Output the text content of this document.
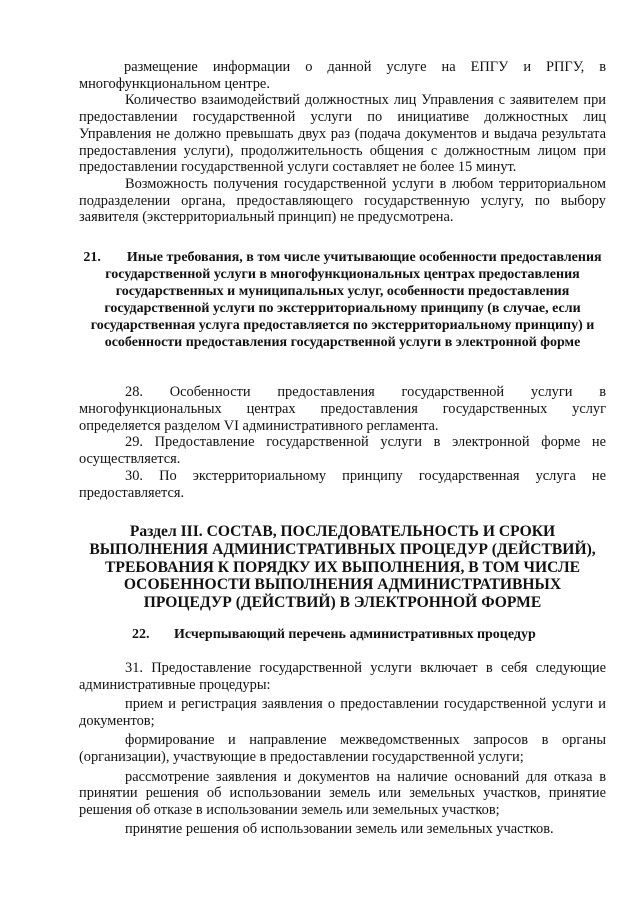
размещение информации о данной услуге на ЕПГУ и РПГУ, в многофункциональном центре.

Количество взаимодействий должностных лиц Управления с заявителем при предоставлении государственной услуги по инициативе должностных лиц Управления не должно превышать двух раз (подача документов и выдача результата предоставления услуги), продолжительность общения с должностным лицом при предоставлении государственной услуги составляет не более 15 минут.

Возможность получения государственной услуги в любом территориальном подразделении органа, предоставляющего государственную услугу, по выбору заявителя (экстерриториальный принцип) не предусмотрена.

21. Иные требования, в том числе учитывающие особенности предоставления государственной услуги в многофункциональных центрах предоставления государственных и муниципальных услуг, особенности предоставления государственной услуги по экстерриториальному принципу (в случае, если государственная услуга предоставляется по экстерриториальному принципу) и особенности предоставления государственной услуги в электронной форме

28. Особенности предоставления государственной услуги в многофункциональных центрах предоставления государственных услуг определяется разделом VI административного регламента.

29. Предоставление государственной услуги в электронной форме не осуществляется.

30. По экстерриториальному принципу государственная услуга не предоставляется.

Раздел III. СОСТАВ, ПОСЛЕДОВАТЕЛЬНОСТЬ И СРОКИ ВЫПОЛНЕНИЯ АДМИНИСТРАТИВНЫХ ПРОЦЕДУР (ДЕЙСТВИЙ), ТРЕБОВАНИЯ К ПОРЯДКУ ИХ ВЫПОЛНЕНИЯ, В ТОМ ЧИСЛЕ ОСОБЕННОСТИ ВЫПОЛНЕНИЯ АДМИНИСТРАТИВНЫХ ПРОЦЕДУР (ДЕЙСТВИЙ) В ЭЛЕКТРОННОЙ ФОРМЕ
22. Исчерпывающий перечень административных процедур

31. Предоставление государственной услуги включает в себя следующие административные процедуры:

прием и регистрация заявления о предоставлении государственной услуги и документов;

формирование и направление межведомственных запросов в органы (организации), участвующие в предоставлении государственной услуги;

рассмотрение заявления и документов на наличие оснований для отказа в принятии решения об использовании земель или земельных участков, принятие решения об отказе в использовании земель или земельных участков;

принятие решения об использовании земель или земельных участков.
